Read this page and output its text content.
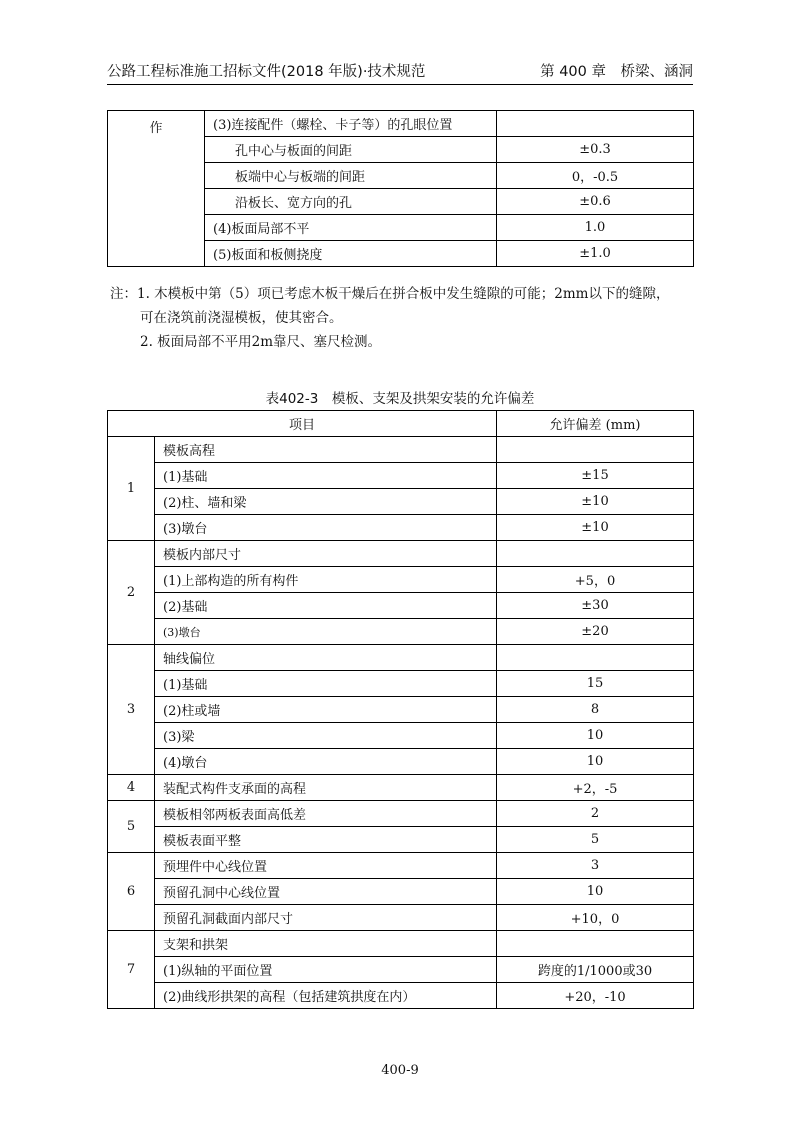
公路工程标准施工招标文件(2018 年版)·技术规范	第 400 章　桥梁、涵洞
作	(3)连接配件（螺栓、卡子等）的孔眼位置	
	孔中心与板面的间距	±0.3
	板端中心与板端的间距	0，-0.5
	沿板长、宽方向的孔	±0.6
	(4)板面局部不平	1.0
	(5)板面和板侧挠度	±1.0
注：1. 木模板中第（5）项已考虑木板干燥后在拼合板中发生缝隙的可能；2mm以下的缝隙，
可在浇筑前浇湿模板，使其密合。
2. 板面局部不平用2m靠尺、塞尺检测。
表402-3　模板、支架及拱架安装的允许偏差
项目		允许偏差 (mm)
1	模板高程	
	(1)基础	±15
	(2)柱、墙和梁	±10
	(3)墩台	±10
2	模板内部尺寸	
	(1)上部构造的所有构件	+5，0
	(2)基础	±30
	(3)墩台	±20
3	轴线偏位	
	(1)基础	15
	(2)柱或墙	8
	(3)梁	10
	(4)墩台	10
4	装配式构件支承面的高程	+2，-5
5	模板相邻两板表面高低差	2
	模板表面平整	5
6	预埋件中心线位置	3
	预留孔洞中心线位置	10
	预留孔洞截面内部尺寸	+10，0
7	支架和拱架	
	(1)纵轴的平面位置	跨度的1/1000或30
	(2)曲线形拱架的高程（包括建筑拱度在内）	+20，-10
400-9
